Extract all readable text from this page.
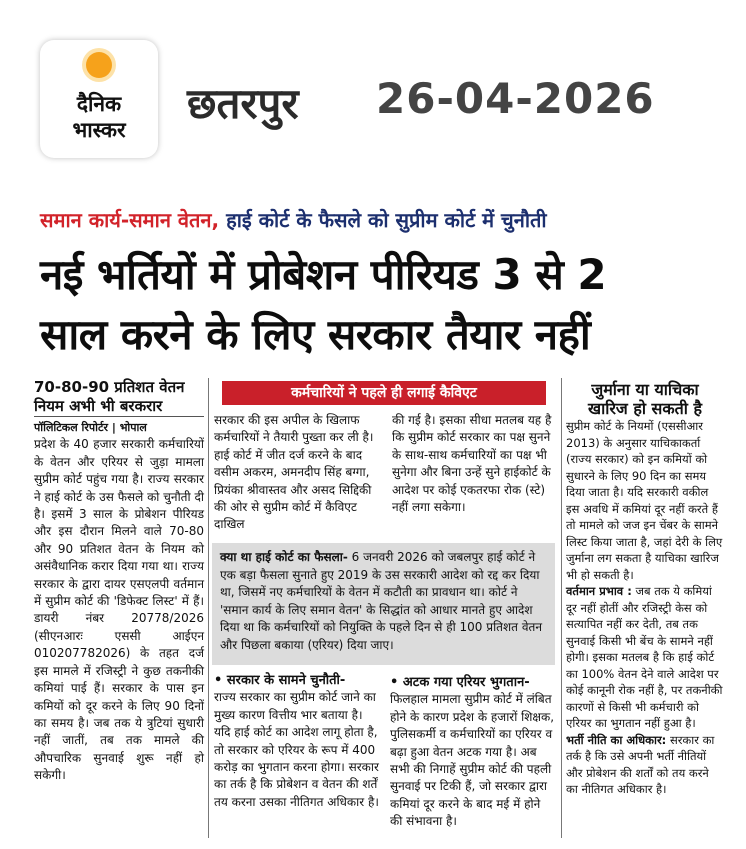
दैनिक
भास्कर
छतरपुर 26-04-2026
समान कार्य-समान वेतन, हाई कोर्ट के फैसले को सुप्रीम कोर्ट में चुनौती
नई भर्तियों में प्रोबेशन पीरियड 3 से 2
साल करने के लिए सरकार तैयार नहीं

70-80-90 प्रतिशत वेतन

नियम अभी भी बरकरार

पॉलिटिकल रिपोर्टर | भोपाल

प्रदेश के 40 हजार सरकारी कर्मचारियों के वेतन और एरियर से जुड़ा मामला सुप्रीम कोर्ट पहुंच गया है। राज्य सरकार ने हाई कोर्ट के उस फैसले को चुनौती दी है। इसमें 3 साल के प्रोबेशन पीरियड और इस दौरान मिलने वाले 70-80 और 90 प्रतिशत वेतन के नियम को असंवैधानिक करार दिया गया था। राज्य सरकार के द्वारा दायर एसएलपी वर्तमान में सुप्रीम कोर्ट की 'डिफेक्ट लिस्ट' में हैं। डायरी नंबर 20778/2026 (सीएनआरः एससी आईएन 010207782026) के तहत दर्ज इस मामले में रजिस्ट्री ने कुछ तकनीकी कमियां पाई हैं। सरकार के पास इन कमियों को दूर करने के लिए 90 दिनों का समय है। जब तक ये त्रुटियां सुधारी नहीं जातीं, तब तक मामले की औपचारिक सुनवाई शुरू नहीं हो सकेगी।

कर्मचारियों ने पहले ही लगाई कैविएट

सरकार की इस अपील के खिलाफ कर्मचारियों ने तैयारी पुख्ता कर ली है। हाई कोर्ट में जीत दर्ज करने के बाद वसीम अकरम, अमनदीप सिंह बग्गा, प्रियंका श्रीवास्तव और असद सिद्दिकी की ओर से सुप्रीम कोर्ट में कैविएट दाखिल

की गई है। इसका सीधा मतलब यह है कि सुप्रीम कोर्ट सरकार का पक्ष सुनने के साथ-साथ कर्मचारियों का पक्ष भी सुनेगा और बिना उन्हें सुने हाईकोर्ट के आदेश पर कोई एकतरफा रोक (स्टे) नहीं लगा सकेगा।

क्या था हाई कोर्ट का फैसला- 6 जनवरी 2026 को जबलपुर हाई कोर्ट ने एक बड़ा फैसला सुनाते हुए 2019 के उस सरकारी आदेश को रद्द कर दिया था, जिसमें नए कर्मचारियों के वेतन में कटौती का प्रावधान था। कोर्ट ने 'समान कार्य के लिए समान वेतन' के सिद्धांत को आधार मानते हुए आदेश दिया था कि कर्मचारियों को नियुक्ति के पहले दिन से ही 100 प्रतिशत वेतन और पिछला बकाया (एरियर) दिया जाए।

• सरकार के सामने चुनौती-

राज्य सरकार का सुप्रीम कोर्ट जाने का मुख्य कारण वित्तीय भार बताया है। यदि हाई कोर्ट का आदेश लागू होता है, तो सरकार को एरियर के रूप में 400 करोड़ का भुगतान करना होगा। सरकार का तर्क है कि प्रोबेशन व वेतन की शर्तें तय करना उसका नीतिगत अधिकार है।

• अटक गया एरियर भुगतान-

फिलहाल मामला सुप्रीम कोर्ट में लंबित होने के कारण प्रदेश के हजारों शिक्षक, पुलिसकर्मी व कर्मचारियों का एरियर व बढ़ा हुआ वेतन अटक गया है। अब सभी की निगाहें सुप्रीम कोर्ट की पहली सुनवाई पर टिकी हैं, जो सरकार द्वारा कमियां दूर करने के बाद मई में होने की संभावना है।

जुर्माना या याचिका

खारिज हो सकती है

सुप्रीम कोर्ट के नियमों (एससीआर 2013) के अनुसार याचिकाकर्ता (राज्य सरकार) को इन कमियों को सुधारने के लिए 90 दिन का समय दिया जाता है। यदि सरकारी वकील इस अवधि में कमियां दूर नहीं करते हैं तो मामले को जज इन चेंबर के सामने लिस्ट किया जाता है, जहां देरी के लिए जुर्माना लग सकता है याचिका खारिज भी हो सकती है।

वर्तमान प्रभाव : जब तक ये कमियां दूर नहीं होतीं और रजिस्ट्री केस को सत्यापित नहीं कर देती, तब तक सुनवाई किसी भी बेंच के सामने नहीं होगी। इसका मतलब है कि हाई कोर्ट का 100% वेतन देने वाले आदेश पर कोई कानूनी रोक नहीं है, पर तकनीकी कारणों से किसी भी कर्मचारी को एरियर का भुगतान नहीं हुआ है।

भर्ती नीति का अधिकार: सरकार का तर्क है कि उसे अपनी भर्ती नीतियों और प्रोबेशन की शर्तों को तय करने का नीतिगत अधिकार है।
